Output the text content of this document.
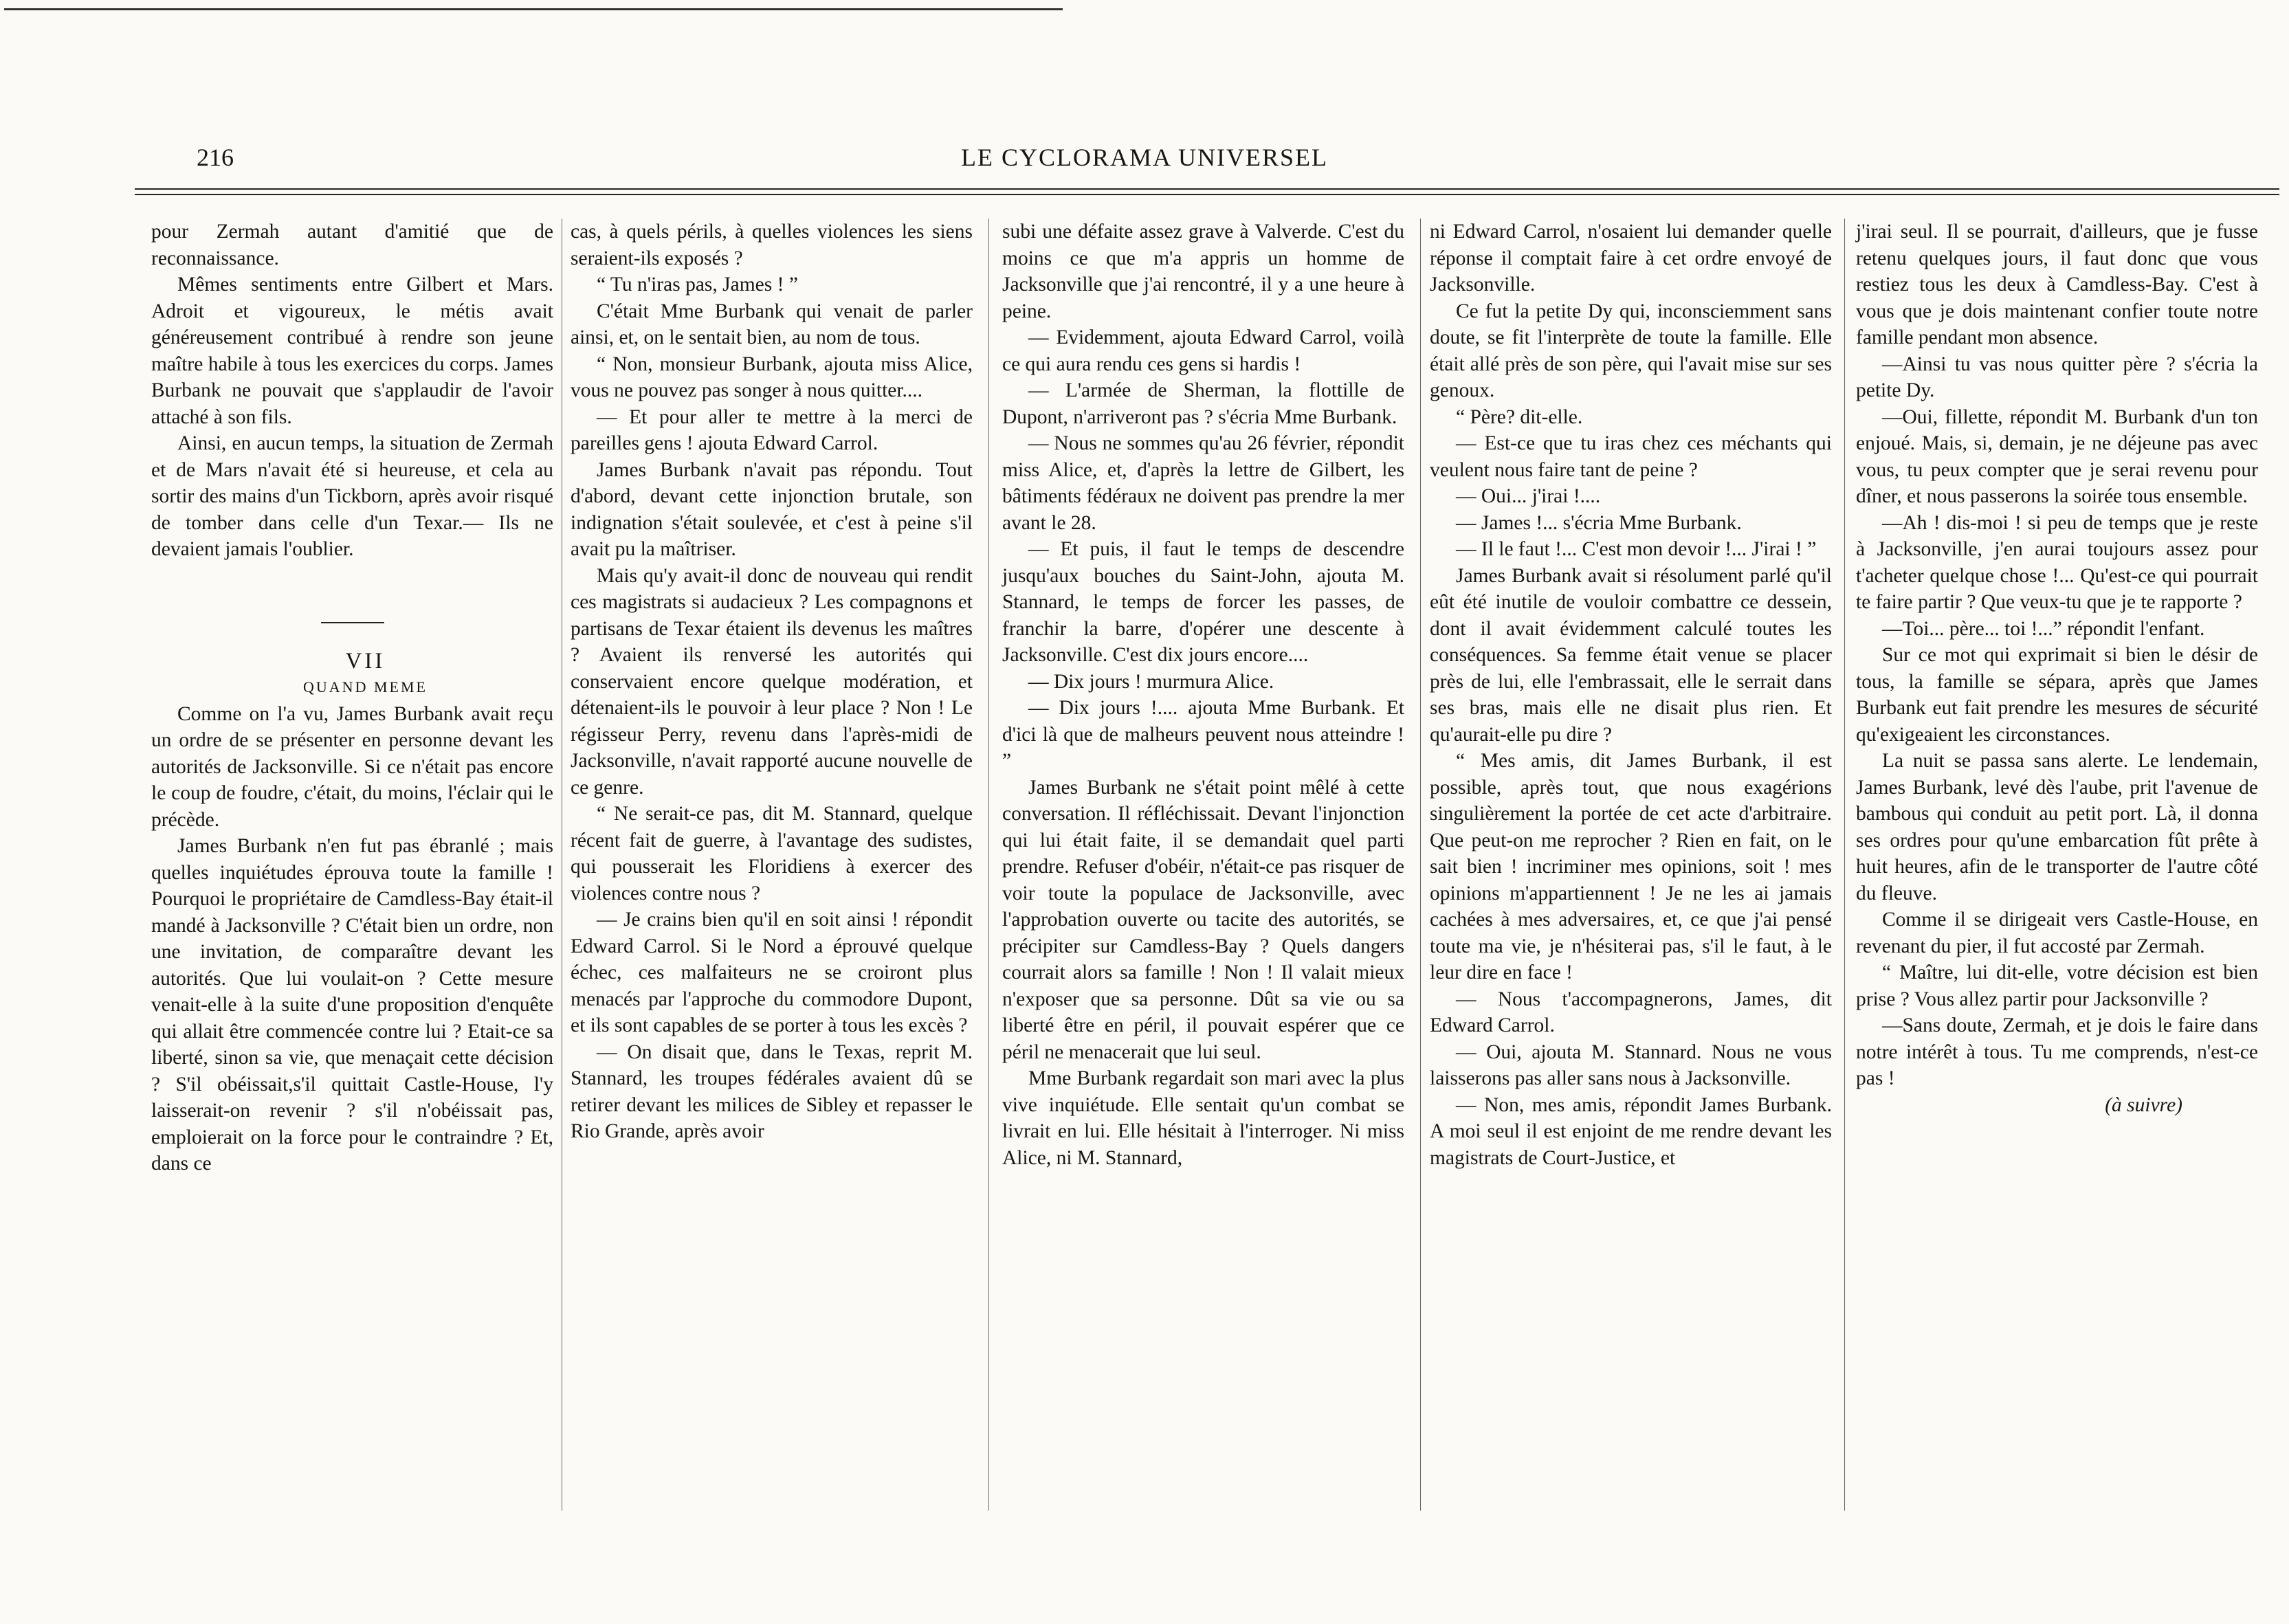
216	LE CYCLORAMA UNIVERSEL

pour Zermah autant d'amitié que de reconnaissance.

Mêmes sentiments entre Gilbert et Mars. Adroit et vigoureux, le métis avait généreusement contribué à rendre son jeune maître habile à tous les exercices du corps. James Burbank ne pouvait que s'applaudir de l'avoir attaché à son fils.

Ainsi, en aucun temps, la situation de Zermah et de Mars n'avait été si heureuse, et cela au sortir des mains d'un Tickborn, après avoir risqué de tomber dans celle d'un Texar.— Ils ne devaient jamais l'oublier.

VII

QUAND MEME

Comme on l'a vu, James Burbank avait reçu un ordre de se présenter en personne devant les autorités de Jacksonville. Si ce n'était pas encore le coup de foudre, c'était, du moins, l'éclair qui le précède.

James Burbank n'en fut pas ébranlé ; mais quelles inquiétudes éprouva toute la famille ! Pourquoi le propriétaire de Camdless-Bay était-il mandé à Jacksonville ? C'était bien un ordre, non une invitation, de comparaître devant les autorités. Que lui voulait-on ? Cette mesure venait-elle à la suite d'une proposition d'enquête qui allait être commencée contre lui ? Etait-ce sa liberté, sinon sa vie, que menaçait cette décision ? S'il obéissait,s'il quittait Castle-House, l'y laisserait-on revenir ? s'il n'obéissait pas, emploierait on la force pour le contraindre ? Et, dans ce

cas, à quels périls, à quelles violences les siens seraient-ils exposés ?

“ Tu n'iras pas, James ! ”

C'était Mme Burbank qui venait de parler ainsi, et, on le sentait bien, au nom de tous.

“ Non, monsieur Burbank, ajouta miss Alice, vous ne pouvez pas songer à nous quitter....

— Et pour aller te mettre à la merci de pareilles gens ! ajouta Edward Carrol.

James Burbank n'avait pas répondu. Tout d'abord, devant cette injonction brutale, son indignation s'était soulevée, et c'est à peine s'il avait pu la maîtriser.

Mais qu'y avait-il donc de nouveau qui rendit ces magistrats si audacieux ? Les compagnons et partisans de Texar étaient ils devenus les maîtres ? Avaient ils renversé les autorités qui conservaient encore quelque modération, et détenaient-ils le pouvoir à leur place ? Non ! Le régisseur Perry, revenu dans l'après-midi de Jacksonville, n'avait rapporté aucune nouvelle de ce genre.

“ Ne serait-ce pas, dit M. Stannard, quelque récent fait de guerre, à l'avantage des sudistes, qui pousserait les Floridiens à exercer des violences contre nous ?

— Je crains bien qu'il en soit ainsi ! répondit Edward Carrol. Si le Nord a éprouvé quelque échec, ces malfaiteurs ne se croiront plus menacés par l'approche du commodore Dupont, et ils sont capables de se porter à tous les excès ?

— On disait que, dans le Texas, reprit M. Stannard, les troupes fédérales avaient dû se retirer devant les milices de Sibley et repasser le Rio Grande, après avoir

subi une défaite assez grave à Valverde. C'est du moins ce que m'a appris un homme de Jacksonville que j'ai rencontré, il y a une heure à peine.

— Evidemment, ajouta Edward Carrol, voilà ce qui aura rendu ces gens si hardis !

— L'armée de Sherman, la flottille de Dupont, n'arriveront pas ? s'écria Mme Burbank.

— Nous ne sommes qu'au 26 février, répondit miss Alice, et, d'après la lettre de Gilbert, les bâtiments fédéraux ne doivent pas prendre la mer avant le 28.

— Et puis, il faut le temps de descendre jusqu'aux bouches du Saint-John, ajouta M. Stannard, le temps de forcer les passes, de franchir la barre, d'opérer une descente à Jacksonville. C'est dix jours encore....

— Dix jours ! murmura Alice.

— Dix jours !.... ajouta Mme Burbank. Et d'ici là que de malheurs peuvent nous atteindre ! ”

James Burbank ne s'était point mêlé à cette conversation. Il réfléchissait. Devant l'injonction qui lui était faite, il se demandait quel parti prendre. Refuser d'obéir, n'était-ce pas risquer de voir toute la populace de Jacksonville, avec l'approbation ouverte ou tacite des autorités, se précipiter sur Camdless-Bay ? Quels dangers courrait alors sa famille ! Non ! Il valait mieux n'exposer que sa personne. Dût sa vie ou sa liberté être en péril, il pouvait espérer que ce péril ne menacerait que lui seul.

Mme Burbank regardait son mari avec la plus vive inquiétude. Elle sentait qu'un combat se livrait en lui. Elle hésitait à l'interroger. Ni miss Alice, ni M. Stannard,

ni Edward Carrol, n'osaient lui demander quelle réponse il comptait faire à cet ordre envoyé de Jacksonville.

Ce fut la petite Dy qui, inconsciemment sans doute, se fit l'interprète de toute la famille. Elle était allé près de son père, qui l'avait mise sur ses genoux.

“ Père? dit-elle.

— Est-ce que tu iras chez ces méchants qui veulent nous faire tant de peine ?

— Oui... j'irai !....

— James !... s'écria Mme Burbank.

— Il le faut !... C'est mon devoir !... J'irai ! ”

James Burbank avait si résolument parlé qu'il eût été inutile de vouloir combattre ce dessein, dont il avait évidemment calculé toutes les conséquences. Sa femme était venue se placer près de lui, elle l'embrassait, elle le serrait dans ses bras, mais elle ne disait plus rien. Et qu'aurait-elle pu dire ?

“ Mes amis, dit James Burbank, il est possible, après tout, que nous exagérions singulièrement la portée de cet acte d'arbitraire. Que peut-on me reprocher ? Rien en fait, on le sait bien ! incriminer mes opinions, soit ! mes opinions m'appartiennent ! Je ne les ai jamais cachées à mes adversaires, et, ce que j'ai pensé toute ma vie, je n'hésiterai pas, s'il le faut, à le leur dire en face !

— Nous t'accompagnerons, James, dit Edward Carrol.

— Oui, ajouta M. Stannard. Nous ne vous laisserons pas aller sans nous à Jacksonville.

— Non, mes amis, répondit James Burbank. A moi seul il est enjoint de me rendre devant les magistrats de Court-Justice, et

j'irai seul. Il se pourrait, d'ailleurs, que je fusse retenu quelques jours, il faut donc que vous restiez tous les deux à Camdless-Bay. C'est à vous que je dois maintenant confier toute notre famille pendant mon absence.

—Ainsi tu vas nous quitter père ? s'écria la petite Dy.

—Oui, fillette, répondit M. Burbank d'un ton enjoué. Mais, si, demain, je ne déjeune pas avec vous, tu peux compter que je serai revenu pour dîner, et nous passerons la soirée tous ensemble.

—Ah ! dis-moi ! si peu de temps que je reste à Jacksonville, j'en aurai toujours assez pour t'acheter quelque chose !... Qu'est-ce qui pourrait te faire partir ? Que veux-tu que je te rapporte ?

—Toi... père... toi !...” répondit l'enfant.

Sur ce mot qui exprimait si bien le désir de tous, la famille se sépara, après que James Burbank eut fait prendre les mesures de sécurité qu'exigeaient les circonstances.

La nuit se passa sans alerte. Le lendemain, James Burbank, levé dès l'aube, prit l'avenue de bambous qui conduit au petit port. Là, il donna ses ordres pour qu'une embarcation fût prête à huit heures, afin de le transporter de l'autre côté du fleuve.

Comme il se dirigeait vers Castle-House, en revenant du pier, il fut accosté par Zermah.

“ Maître, lui dit-elle, votre décision est bien prise ? Vous allez partir pour Jacksonville ?

—Sans doute, Zermah, et je dois le faire dans notre intérêt à tous. Tu me comprends, n'est-ce pas !

(à suivre)
